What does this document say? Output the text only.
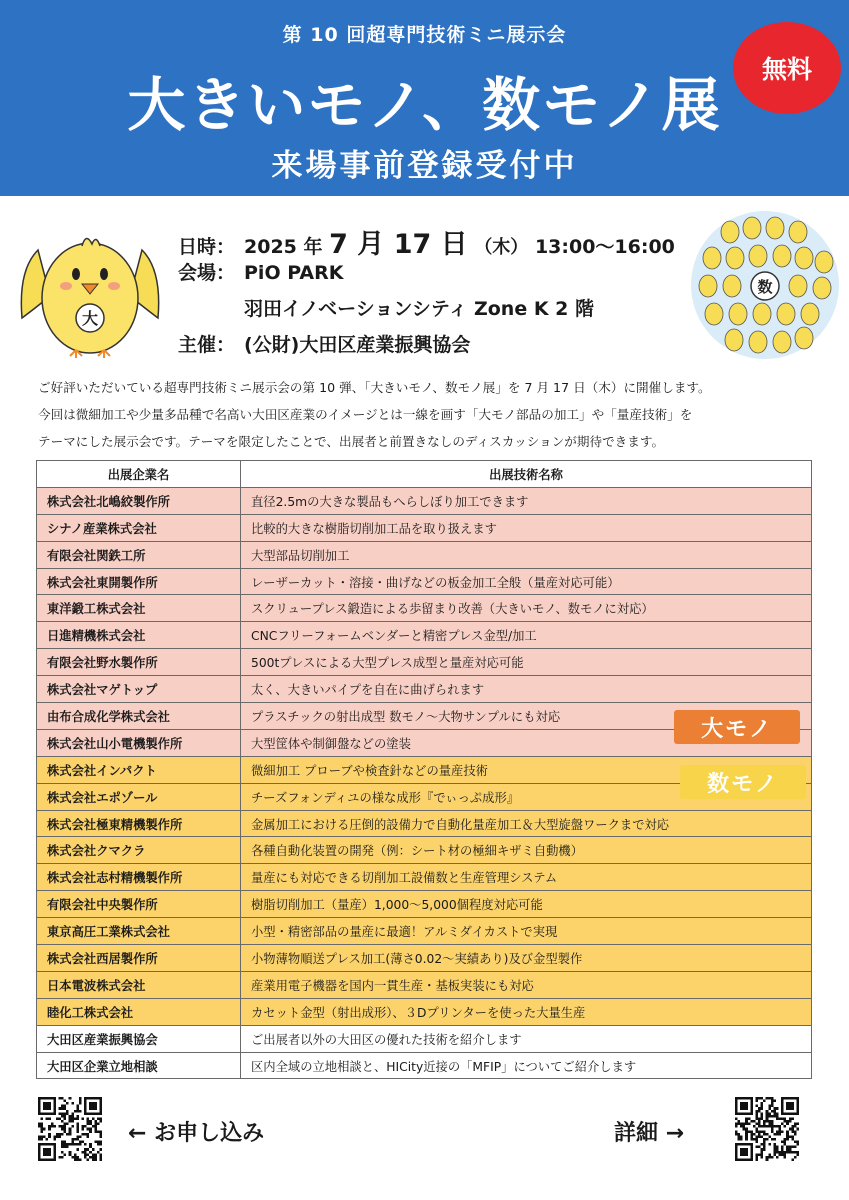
第 10 回超専門技術ミニ展示会
大きいモノ、数モノ展
来場事前登録受付中
無料
大
数
日時： 2025 年 7 月 17 日 （木） 13:00～16:00
会場： PiO PARK
羽田イノベーションシティ Zone K 2 階
主催： (公財)大田区産業振興協会
ご好評いただいている超専門技術ミニ展示会の第 10 弾、「大きいモノ、数モノ展」を 7 月 17 日（木）に開催します。
今回は微細加工や少量多品種で名高い大田区産業のイメージとは一線を画す「大モノ部品の加工」や「量産技術」を
テーマにした展示会です。テーマを限定したことで、出展者と前置きなしのディスカッションが期待できます。
出展企業名	出展技術名称
株式会社北嶋絞製作所	直径2.5mの大きな製品もへらしぼり加工できます
シナノ産業株式会社	比較的大きな樹脂切削加工品を取り扱えます
有限会社関鉄工所	大型部品切削加工
株式会社東開製作所	レーザーカット・溶接・曲げなどの板金加工全般（量産対応可能）
東洋鍛工株式会社	スクリュープレス鍛造による歩留まり改善（大きいモノ、数モノに対応）
日進精機株式会社	CNCフリーフォームベンダーと精密プレス金型/加工
有限会社野水製作所	500tプレスによる大型プレス成型と量産対応可能
株式会社マゲトップ	太く、大きいパイプを自在に曲げられます
由布合成化学株式会社	プラスチックの射出成型 数モノ～大物サンプルにも対応
株式会社山小電機製作所	大型筐体や制御盤などの塗装
株式会社インパクト	微細加工 プローブや検査針などの量産技術
株式会社エポゾール	チーズフォンディユの様な成形『でぃっぷ成形』
株式会社極東精機製作所	金属加工における圧倒的設備力で自動化量産加工＆大型旋盤ワークまで対応
株式会社クマクラ	各種自動化装置の開発（例：シート材の極細キザミ自動機）
株式会社志村精機製作所	量産にも対応できる切削加工設備数と生産管理システム
有限会社中央製作所	樹脂切削加工（量産）1,000～5,000個程度対応可能
東京高圧工業株式会社	小型・精密部品の量産に最適！アルミダイカストで実現
株式会社西居製作所	小物薄物順送プレス加工(薄さ0.02～実績あり)及び金型製作
日本電波株式会社	産業用電子機器を国内一貫生産・基板実装にも対応
睦化工株式会社	カセット金型（射出成形）、３Dプリンターを使った大量生産
大田区産業振興協会	ご出展者以外の大田区の優れた技術を紹介します
大田区企業立地相談	区内全域の立地相談と、HICity近接の「MFIP」についてご紹介します
大モノ
数モノ
← お申し込み	詳細 →
